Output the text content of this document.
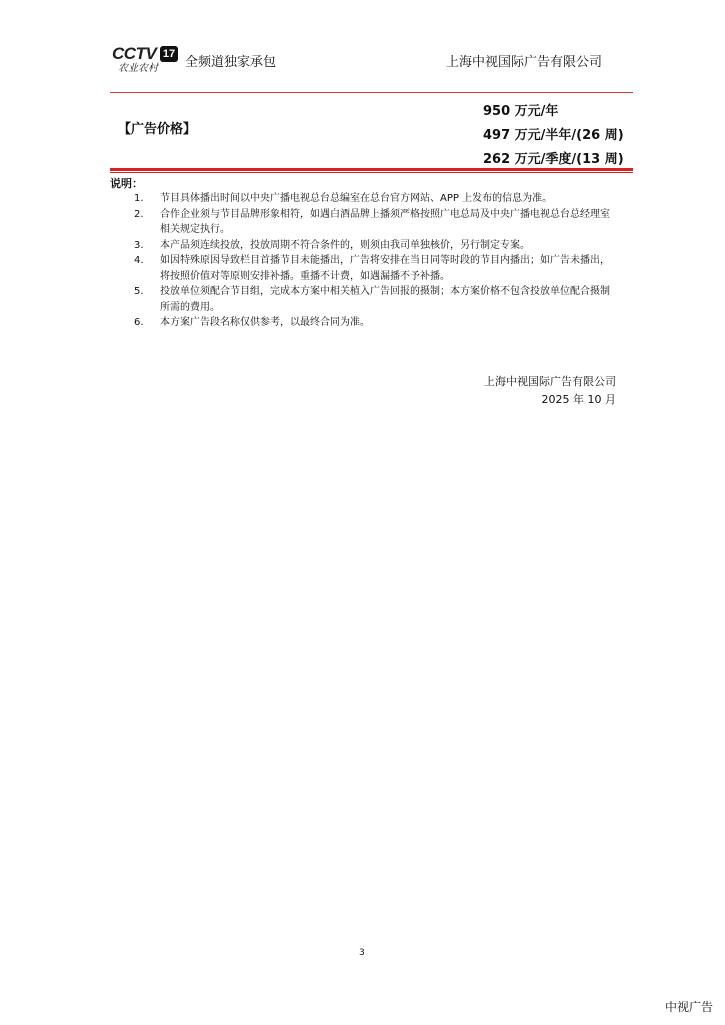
CCTV 17
农业农村 全频道独家承包	上海中视国际广告有限公司
【广告价格】
950 万元/年
497 万元/半年/(26 周)
262 万元/季度/(13 周)
说明：
1.	节目具体播出时间以中央广播电视总台总编室在总台官方网站、APP 上发布的信息为准。
2.	合作企业须与节目品牌形象相符，如遇白酒品牌上播须严格按照广电总局及中央广播电视总台总经理室相关规定执行。
3.	本产品须连续投放，投放周期不符合条件的，则须由我司单独核价，另行制定专案。
4.	如因特殊原因导致栏目首播节目未能播出，广告将安排在当日同等时段的节目内播出；如广告未播出，将按照价值对等原则安排补播。重播不计费，如遇漏播不予补播。
5.	投放单位须配合节目组，完成本方案中相关植入广告回报的摄制；本方案价格不包含投放单位配合摄制所需的费用。
6.	本方案广告段名称仅供参考，以最终合同为准。
上海中视国际广告有限公司
2025 年 10 月
3
中视广告
